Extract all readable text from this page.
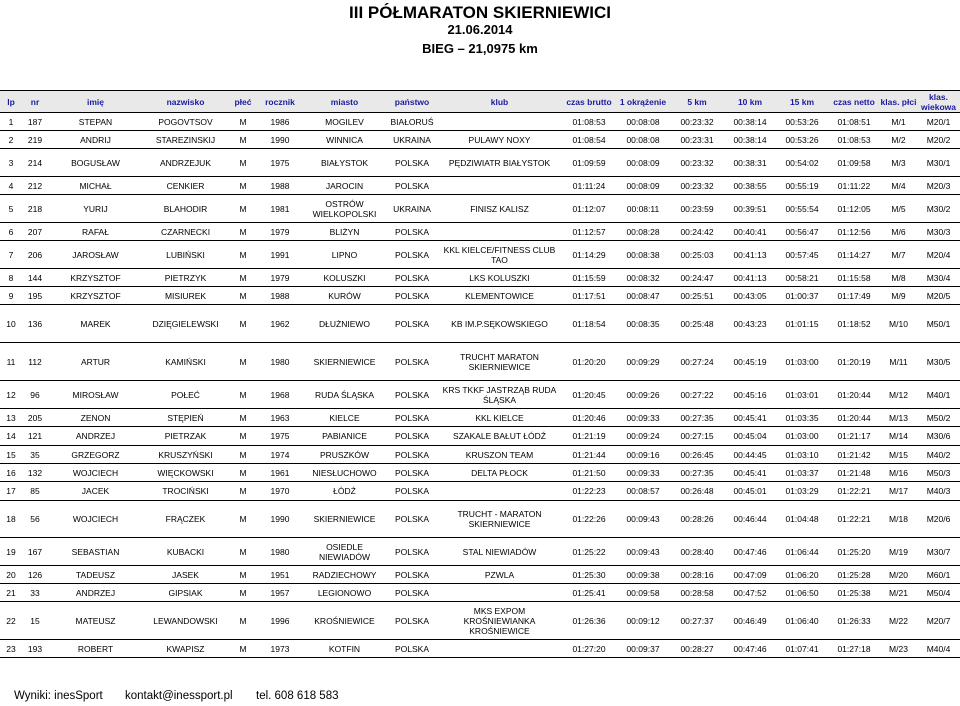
III PÓŁMARATON SKIERNIEWICI
21.06.2014
BIEG – 21,0975 km
lp	nr	imię	nazwisko	płeć	rocznik	miasto	państwo	klub	czas brutto	1 okrążenie	5 km	10 km	15 km	czas netto	klas. płci	klas. wiekowa
1	187	STEPAN	POGOVTSOV	M	1986	MOGILEV	BIAŁORUŚ		01:08:53	00:08:08	00:23:32	00:38:14	00:53:26	01:08:51	M/1	M20/1
2	219	ANDRIJ	STAREZINSKIJ	M	1990	WINNICA	UKRAINA	PULAWY NOXY	01:08:54	00:08:08	00:23:31	00:38:14	00:53:26	01:08:53	M/2	M20/2
3	214	BOGUSŁAW	ANDRZEJUK	M	1975	BIAŁYSTOK	POLSKA	PĘDZIWIATR BIAŁYSTOK	01:09:59	00:08:09	00:23:32	00:38:31	00:54:02	01:09:58	M/3	M30/1
4	212	MICHAŁ	CENKIER	M	1988	JAROCIN	POLSKA		01:11:24	00:08:09	00:23:32	00:38:55	00:55:19	01:11:22	M/4	M20/3
5	218	YURIJ	BLAHODIR	M	1981	OSTRÓW WIELKOPOLSKI	UKRAINA	FINISZ KALISZ	01:12:07	00:08:11	00:23:59	00:39:51	00:55:54	01:12:05	M/5	M30/2
6	207	RAFAŁ	CZARNECKI	M	1979	BLIŻYN	POLSKA		01:12:57	00:08:28	00:24:42	00:40:41	00:56:47	01:12:56	M/6	M30/3
7	206	JAROSŁAW	LUBIŃSKI	M	1991	LIPNO	POLSKA	KKL KIELCE/FITNESS CLUB TAO	01:14:29	00:08:38	00:25:03	00:41:13	00:57:45	01:14:27	M/7	M20/4
8	144	KRZYSZTOF	PIETRZYK	M	1979	KOLUSZKI	POLSKA	LKS KOLUSZKI	01:15:59	00:08:32	00:24:47	00:41:13	00:58:21	01:15:58	M/8	M30/4
9	195	KRZYSZTOF	MISIUREK	M	1988	KURÓW	POLSKA	KLEMENTOWICE	01:17:51	00:08:47	00:25:51	00:43:05	01:00:37	01:17:49	M/9	M20/5
10	136	MAREK	DZIĘGIELEWSKI	M	1962	DŁUŻNIEWO	POLSKA	KB IM.P.SĘKOWSKIEGO	01:18:54	00:08:35	00:25:48	00:43:23	01:01:15	01:18:52	M/10	M50/1
11	112	ARTUR	KAMIŃSKI	M	1980	SKIERNIEWICE	POLSKA	TRUCHT MARATON SKIERNIEWICE	01:20:20	00:09:29	00:27:24	00:45:19	01:03:00	01:20:19	M/11	M30/5
12	96	MIROSŁAW	POŁEĆ	M	1968	RUDA ŚLĄSKA	POLSKA	KRS TKKF JASTRZĄB RUDA ŚLĄSKA	01:20:45	00:09:26	00:27:22	00:45:16	01:03:01	01:20:44	M/12	M40/1
13	205	ZENON	STĘPIEŃ	M	1963	KIELCE	POLSKA	KKL KIELCE	01:20:46	00:09:33	00:27:35	00:45:41	01:03:35	01:20:44	M/13	M50/2
14	121	ANDRZEJ	PIETRZAK	M	1975	PABIANICE	POLSKA	SZAKALE BAŁUT ŁÓDŹ	01:21:19	00:09:24	00:27:15	00:45:04	01:03:00	01:21:17	M/14	M30/6
15	35	GRZEGORZ	KRUSZYŃSKI	M	1974	PRUSZKÓW	POLSKA	KRUSZON TEAM	01:21:44	00:09:16	00:26:45	00:44:45	01:03:10	01:21:42	M/15	M40/2
16	132	WOJCIECH	WIĘCKOWSKI	M	1961	NIESŁUCHOWO	POLSKA	DELTA PŁOCK	01:21:50	00:09:33	00:27:35	00:45:41	01:03:37	01:21:48	M/16	M50/3
17	85	JACEK	TROCIŃSKI	M	1970	ŁÓDŹ	POLSKA		01:22:23	00:08:57	00:26:48	00:45:01	01:03:29	01:22:21	M/17	M40/3
18	56	WOJCIECH	FRĄCZEK	M	1990	SKIERNIEWICE	POLSKA	TRUCHT - MARATON SKIERNIEWICE	01:22:26	00:09:43	00:28:26	00:46:44	01:04:48	01:22:21	M/18	M20/6
19	167	SEBASTIAN	KUBACKI	M	1980	OSIEDLE NIEWIADÓW	POLSKA	STAL NIEWIADÓW	01:25:22	00:09:43	00:28:40	00:47:46	01:06:44	01:25:20	M/19	M30/7
20	126	TADEUSZ	JASEK	M	1951	RADZIECHOWY	POLSKA	PZWLA	01:25:30	00:09:38	00:28:16	00:47:09	01:06:20	01:25:28	M/20	M60/1
21	33	ANDRZEJ	GIPSIAK	M	1957	LEGIONOWO	POLSKA		01:25:41	00:09:58	00:28:58	00:47:52	01:06:50	01:25:38	M/21	M50/4
22	15	MATEUSZ	LEWANDOWSKI	M	1996	KROŚNIEWICE	POLSKA	MKS EXPOM KROŚNIEWIANKA KROŚNIEWICE	01:26:36	00:09:12	00:27:37	00:46:49	01:06:40	01:26:33	M/22	M20/7
23	193	ROBERT	KWAPISZ	M	1973	KOTFIN	POLSKA		01:27:20	00:09:37	00:28:27	00:47:46	01:07:41	01:27:18	M/23	M40/4
Wyniki: inesSport kontakt@inessport.pl tel. 608 618 583
